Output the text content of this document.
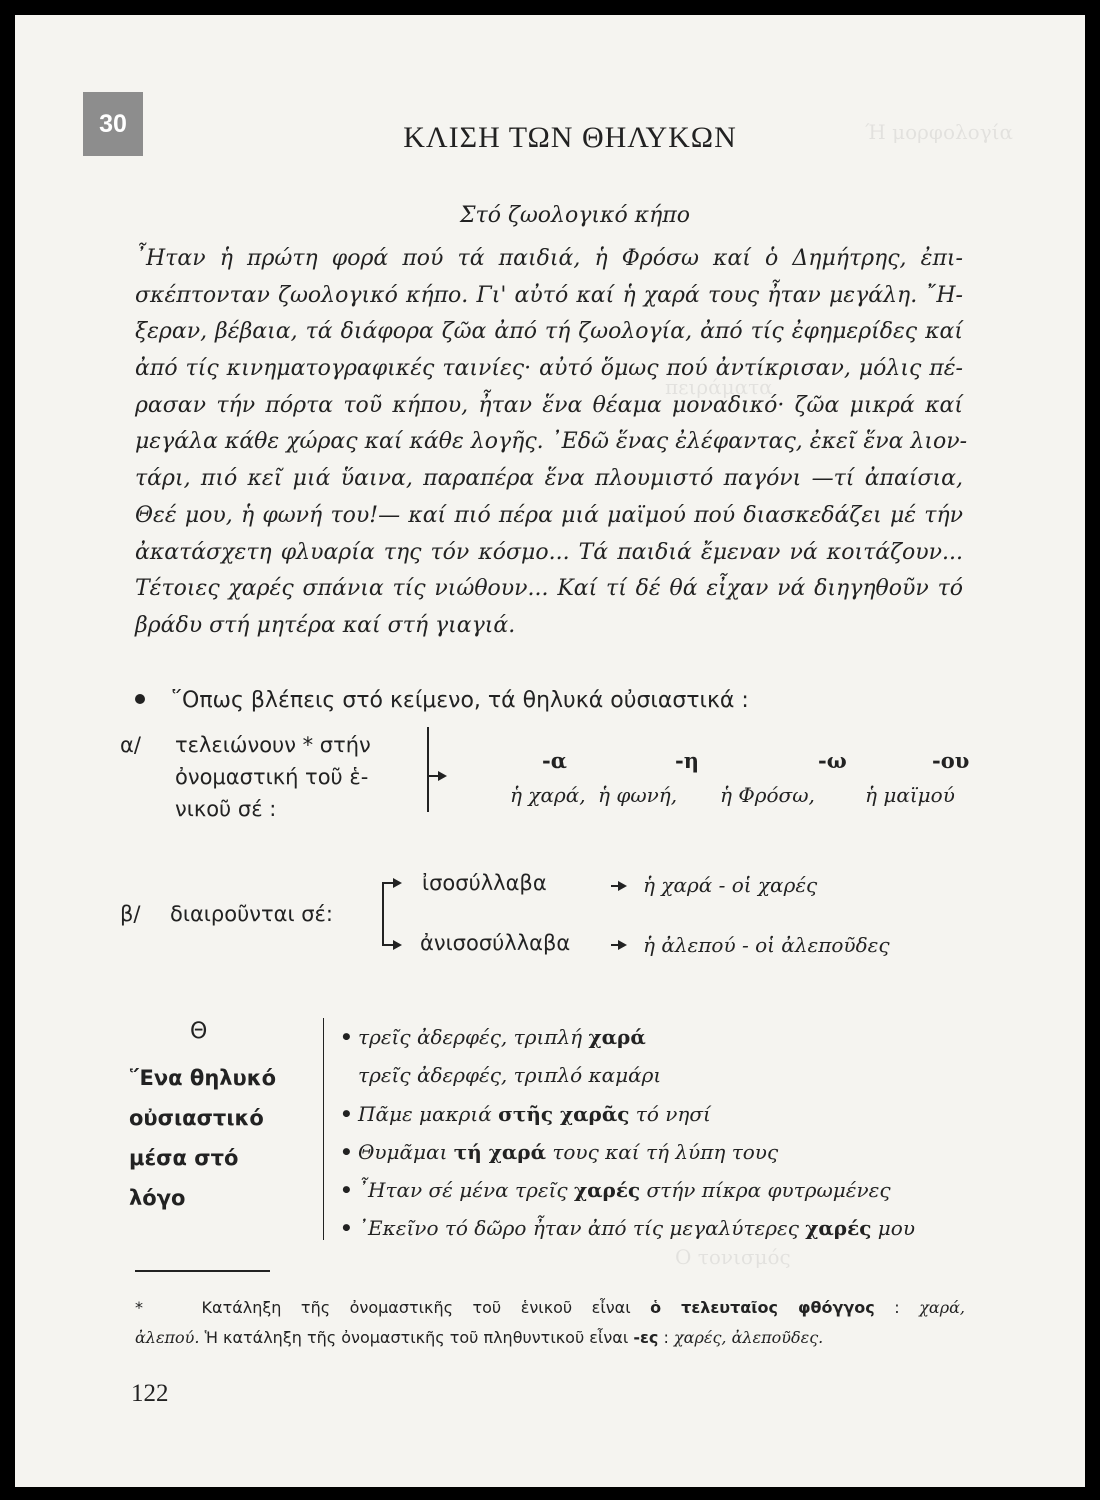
Ή μορφολογία
πειράματα
Ο τονισμός
30	ΚΛΙΣΗ ΤΩΝ ΘΗΛΥΚΩΝ
Στό ζωολογικό κήπο
῏Ηταν ἡ πρώτη φορά πού τά παιδιά, ἡ Φρόσω καί ὁ Δημήτρης, ἐπι-
σκέπτονταν ζωολογικό κήπο. Γι' αὐτό καί ἡ χαρά τους ἦταν μεγάλη. ῎Η-
ξεραν, βέβαια, τά διάφορα ζῶα ἀπό τή ζωολογία, ἀπό τίς ἐφημερίδες καί
ἀπό τίς κινηματογραφικές ταινίες· αὐτό ὅμως πού ἀντίκρισαν, μόλις πέ-
ρασαν τήν πόρτα τοῦ κήπου, ἦταν ἕνα θέαμα μοναδικό· ζῶα μικρά καί
μεγάλα κάθε χώρας καί κάθε λογῆς. ᾿Εδῶ ἕνας ἐλέφαντας, ἐκεῖ ἕνα λιον-
τάρι, πιό κεῖ μιά ὕαινα, παραπέρα ἕνα πλουμιστό παγόνι —τί ἀπαίσια,
Θεέ μου, ἡ φωνή του!— καί πιό πέρα μιά μαϊμού πού διασκεδάζει μέ τήν
ἀκατάσχετη φλυαρία της τόν κόσμο... Τά παιδιά ἔμεναν νά κοιτάζουν...
Τέτοιες χαρές σπάνια τίς νιώθουν... Καί τί δέ θά εἶχαν νά διηγηθοῦν τό
βράδυ στή μητέρα καί στή γιαγιά.
῞Οπως βλέπεις στό κείμενο, τά θηλυκά οὐσιαστικά :
α/ τελειώνουν * στήν
ὀνομαστική τοῦ ἑ-
νικοῦ σέ :
-α	-η	-ω	-ου
ἡ χαρά, ἡ φωνή, ἡ Φρόσω,	ἡ μαϊμού
β/ διαιροῦνται σέ:
ἰσοσύλλαβα	ἡ χαρά - οἱ χαρές
ἀνισοσύλλαβα	ἡ ἀλεπού - οἱ ἀλεποῦδες
Θ
῞Ενα θηλυκό
οὐσιαστικό
μέσα στό
λόγο
• τρεῖς ἀδερφές, τριπλή χαρά
τρεῖς ἀδερφές, τριπλό καμάρι
• Πᾶμε μακριά στῆς χαρᾶς τό νησί
• Θυμᾶμαι τή χαρά τους καί τή λύπη τους
• ῏Ηταν σέ μένα τρεῖς χαρές στήν πίκρα φυτρωμένες
• ᾿Εκεῖνο τό δῶρο ἦταν ἀπό τίς μεγαλύτερες χαρές μου
*	Κατάληξη τῆς ὀνομαστικῆς τοῦ ἑνικοῦ εἶναι ὁ τελευταῖος φθόγγος : χαρά,
ἀλεπού. Ἡ κατάληξη τῆς ὀνομαστικῆς τοῦ πληθυντικοῦ εἶναι -ες : χαρές, ἀλεποῦδες.
122
